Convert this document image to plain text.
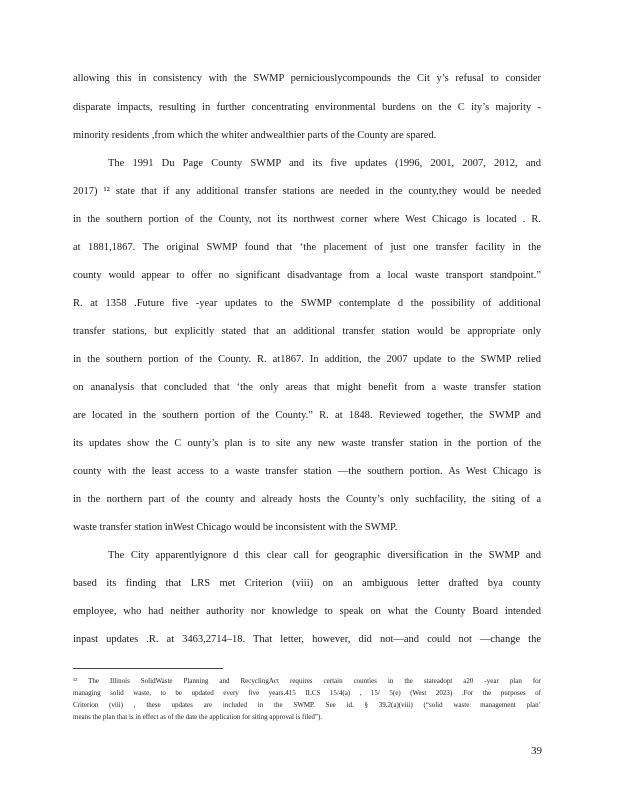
allowing this in consistency with the SWMP perniciouslycompounds the Cit y’s refusal to consider
disparate impacts, resulting in further concentrating environmental burdens on the C ity’s majority -
minority residents ,from which the whiter andwealthier parts of the County are spared.
The 1991 Du Page County SWMP and its five updates (1996, 2001, 2007, 2012, and
2017) ¹² state that if any additional transfer stations are needed in the county,they would be needed
in the southern portion of the County, not its northwest corner where West Chicago is located . R.
at 1881,1867. The original SWMP found that ‘the placement of just one transfer facility in the
county would appear to offer no significant disadvantage from a local waste transport standpoint.”
R. at 1358 .Future five -year updates to the SWMP contemplate d the possibility of additional
transfer stations, but explicitly stated that an additional transfer station would be appropriate only
in the southern portion of the County. R. at1867. In addition, the 2007 update to the SWMP relied
on ananalysis that concluded that ‘the only areas that might benefit from a waste transfer station
are located in the southern portion of the County.” R. at 1848. Reviewed together, the SWMP and
its updates show the C ounty’s plan is to site any new waste transfer station in the portion of the
county with the least access to a waste transfer station —the southern portion. As West Chicago is
in the northern part of the county and already hosts the County’s only suchfacility, the siting of a
waste transfer station inWest Chicago would be inconsistent with the SWMP.
The City apparentlyignore d this clear call for geographic diversification in the SWMP and
based its finding that LRS met Criterion (viii) on an ambiguous letter drafted bya county
employee, who had neither authority nor knowledge to speak on what the County Board intended
inpast updates .R. at 3463,2714–18. That letter, however, did not—and could not —change the
¹² The Illinois SolidWaste Planning and RecyclingAct requires certain counties in the stateadopt a20 -year plan for
managing solid waste, to be updated every five years.415 ILCS 15/4(a) , 15/ 5(e) (West 2023) .For the purposes of
Criterion (viii) , these updates are included in the SWMP. See id. § 39.2(a)(viii) (“solid waste management plan’
means the plan that is in effect as of the date the application for siting approval is filed”).
39
